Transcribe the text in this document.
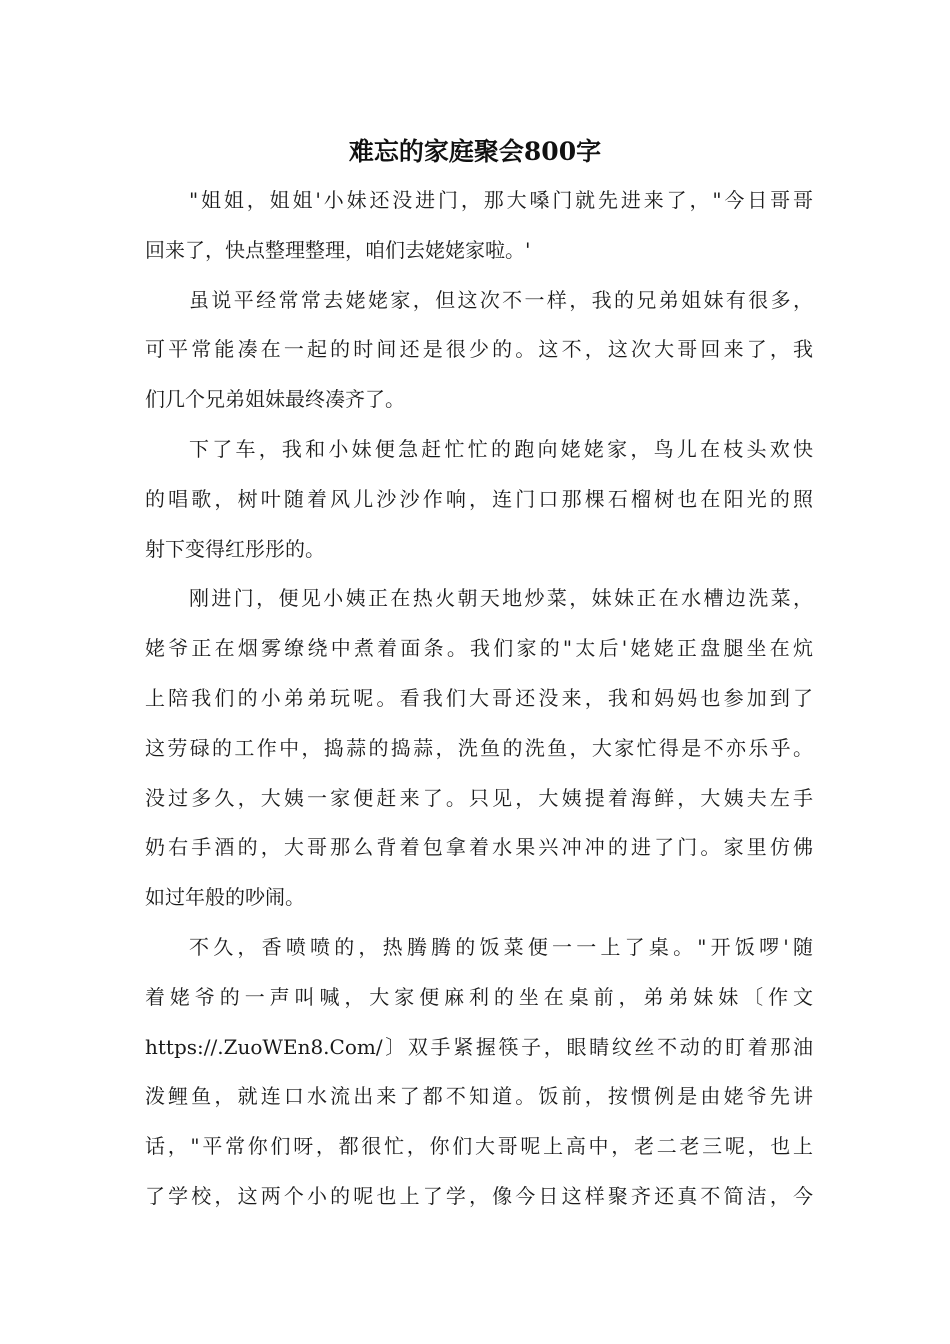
难忘的家庭聚会800字
"姐姐，姐姐'小妹还没进门，那大嗓门就先进来了，"今日哥哥
回来了，快点整理整理，咱们去姥姥家啦。'
虽说平经常常去姥姥家，但这次不一样，我的兄弟姐妹有很多，
可平常能凑在一起的时间还是很少的。这不，这次大哥回来了，我
们几个兄弟姐妹最终凑齐了。
下了车，我和小妹便急赶忙忙的跑向姥姥家，鸟儿在枝头欢快
的唱歌，树叶随着风儿沙沙作响，连门口那棵石榴树也在阳光的照
射下变得红彤彤的。
刚进门，便见小姨正在热火朝天地炒菜，妹妹正在水槽边洗菜，
姥爷正在烟雾缭绕中煮着面条。我们家的"太后'姥姥正盘腿坐在炕
上陪我们的小弟弟玩呢。看我们大哥还没来，我和妈妈也参加到了
这劳碌的工作中，捣蒜的捣蒜，洗鱼的洗鱼，大家忙得是不亦乐乎。
没过多久，大姨一家便赶来了。只见，大姨提着海鲜，大姨夫左手
奶右手酒的，大哥那么背着包拿着水果兴冲冲的进了门。家里仿佛
如过年般的吵闹。
不久，香喷喷的，热腾腾的饭菜便一一上了桌。"开饭啰'随
着姥爷的一声叫喊，大家便麻利的坐在桌前，弟弟妹妹〔作文
https://.ZuoWEn8.Com/〕双手紧握筷子，眼睛纹丝不动的盯着那油
泼鲤鱼，就连口水流出来了都不知道。饭前，按惯例是由姥爷先讲
话，"平常你们呀，都很忙，你们大哥呢上高中，老二老三呢，也上
了学校，这两个小的呢也上了学，像今日这样聚齐还真不简洁，今
